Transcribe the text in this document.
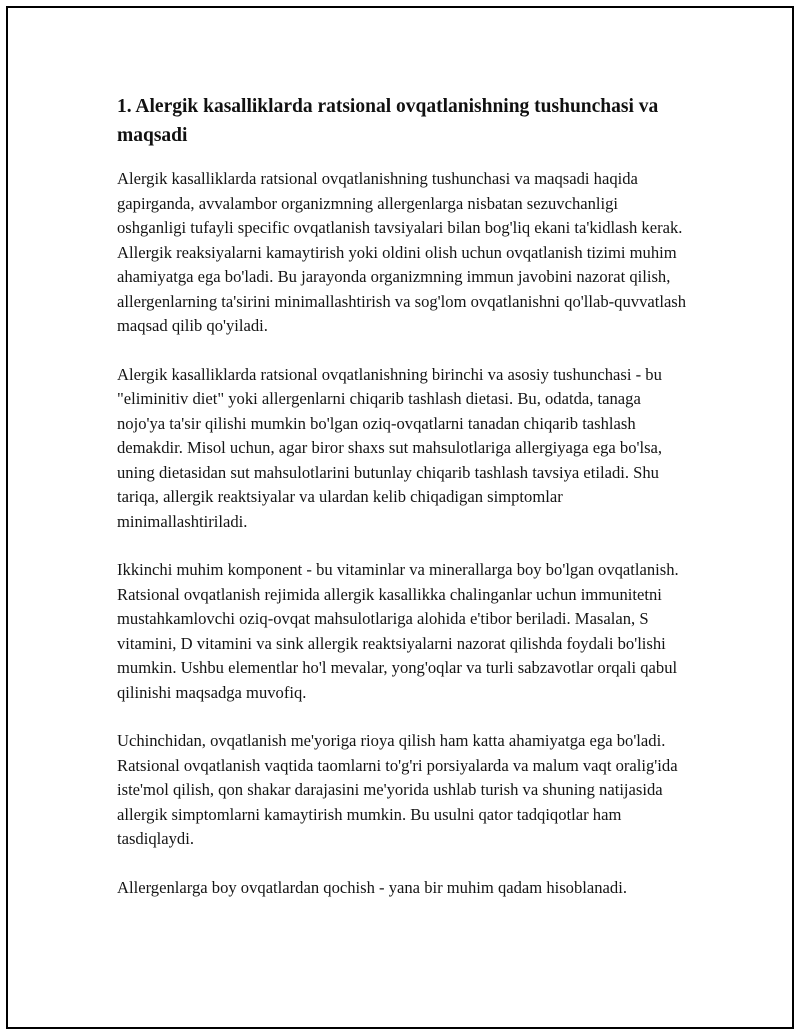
1. Alergik kasalliklarda ratsional ovqatlanishning tushunchasi va maqsadi

Alergik kasalliklarda ratsional ovqatlanishning tushunchasi va maqsadi haqida gapirganda, avvalambor organizmning allergenlarga nisbatan sezuvchanligi oshganligi tufayli specific ovqatlanish tavsiyalari bilan bog'liq ekani ta'kidlash kerak. Allergik reaksiyalarni kamaytirish yoki oldini olish uchun ovqatlanish tizimi muhim ahamiyatga ega bo'ladi. Bu jarayonda organizmning immun javobini nazorat qilish, allergenlarning ta'sirini minimallashtirish va sog'lom ovqatlanishni qo'llab-quvvatlash maqsad qilib qo'yiladi.

Alergik kasalliklarda ratsional ovqatlanishning birinchi va asosiy tushunchasi - bu "eliminitiv diet" yoki allergenlarni chiqarib tashlash dietasi. Bu, odatda, tanaga nojo'ya ta'sir qilishi mumkin bo'lgan oziq-ovqatlarni tanadan chiqarib tashlash demakdir. Misol uchun, agar biror shaxs sut mahsulotlariga allergiyaga ega bo'lsa, uning dietasidan sut mahsulotlarini butunlay chiqarib tashlash tavsiya etiladi. Shu tariqa, allergik reaktsiyalar va ulardan kelib chiqadigan simptomlar minimallashtiriladi.

Ikkinchi muhim komponent - bu vitaminlar va minerallarga boy bo'lgan ovqatlanish. Ratsional ovqatlanish rejimida allergik kasallikka chalinganlar uchun immunitetni mustahkamlovchi oziq-ovqat mahsulotlariga alohida e'tibor beriladi. Masalan, S vitamini, D vitamini va sink allergik reaktsiyalarni nazorat qilishda foydali bo'lishi mumkin. Ushbu elementlar ho'l mevalar, yong'oqlar va turli sabzavotlar orqali qabul qilinishi maqsadga muvofiq.

Uchinchidan, ovqatlanish me'yoriga rioya qilish ham katta ahamiyatga ega bo'ladi. Ratsional ovqatlanish vaqtida taomlarni to'g'ri porsiyalarda va malum vaqt oralig'ida iste'mol qilish, qon shakar darajasini me'yorida ushlab turish va shuning natijasida allergik simptomlarni kamaytirish mumkin. Bu usulni qator tadqiqotlar ham tasdiqlaydi.

Allergenlarga boy ovqatlardan qochish - yana bir muhim qadam hisoblanadi.
